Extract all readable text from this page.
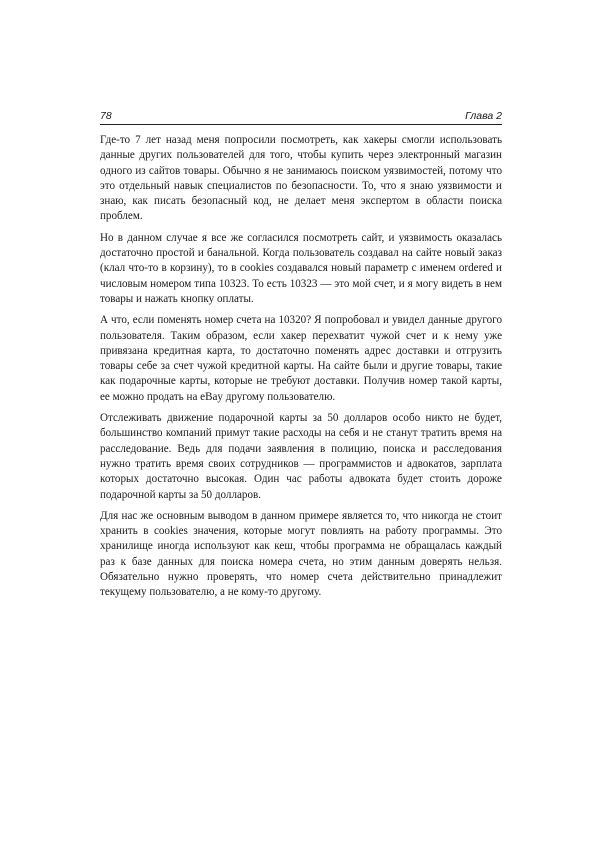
78	Глава 2

Где-то 7 лет назад меня попросили посмотреть, как хакеры смогли использовать данные других пользователей для того, чтобы купить через электронный магазин одного из сайтов товары. Обычно я не занимаюсь поиском уязвимостей, потому что это отдельный навык специалистов по безопасности. То, что я знаю уязвимости и знаю, как писать безопасный код, не делает меня экспертом в области поиска проблем.

Но в данном случае я все же согласился посмотреть сайт, и уязвимость оказалась достаточно простой и банальной. Когда пользователь создавал на сайте новый заказ (клал что-то в корзину), то в cookies создавался новый параметр с именем ordered и числовым номером типа 10323. То есть 10323 — это мой счет, и я могу видеть в нем товары и нажать кнопку оплаты.

А что, если поменять номер счета на 10320? Я попробовал и увидел данные другого пользователя. Таким образом, если хакер перехватит чужой счет и к нему уже привязана кредитная карта, то достаточно поменять адрес доставки и отгрузить товары себе за счет чужой кредитной карты. На сайте были и другие товары, такие как подарочные карты, которые не требуют доставки. Получив номер такой карты, ее можно продать на eBay другому пользователю.

Отслеживать движение подарочной карты за 50 долларов особо никто не будет, большинство компаний примут такие расходы на себя и не станут тратить время на расследование. Ведь для подачи заявления в полицию, поиска и расследования нужно тратить время своих сотрудников — программистов и адвокатов, зарплата которых достаточно высокая. Один час работы адвоката будет стоить дороже подарочной карты за 50 долларов.

Для нас же основным выводом в данном примере является то, что никогда не стоит хранить в cookies значения, которые могут повлиять на работу программы. Это хранилище иногда используют как кеш, чтобы программа не обращалась каждый раз к базе данных для поиска номера счета, но этим данным доверять нельзя. Обязательно нужно проверять, что номер счета действительно принадлежит текущему пользователю, а не кому-то другому.
